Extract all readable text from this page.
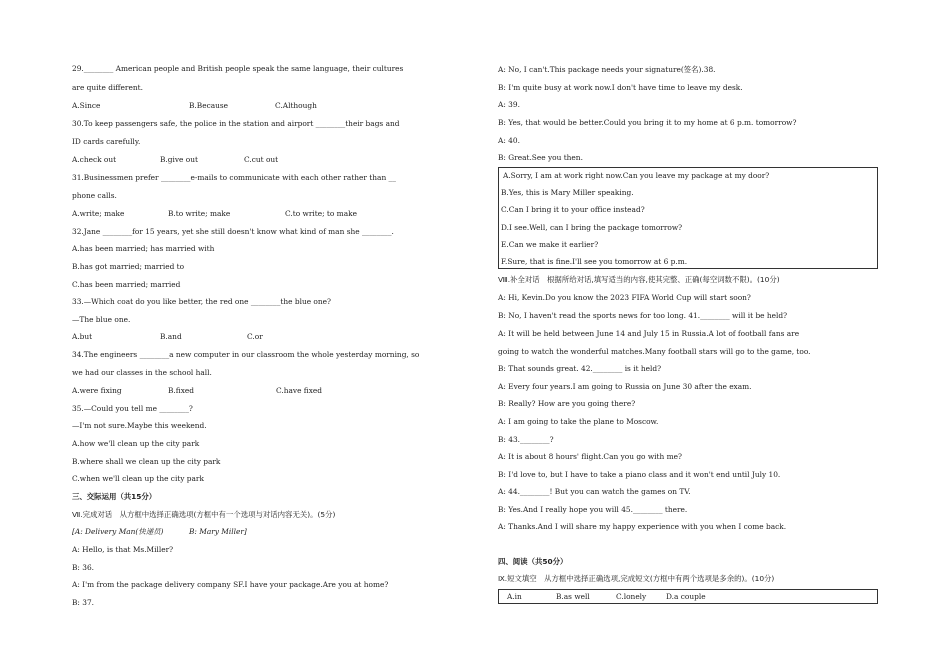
29.________ American people and British people speak the same language, their cultures
are quite different.
A.Since	B.Because	C.Although
30.To keep passengers safe, the police in the station and airport ________their bags and
ID cards carefully.
A.check out	B.give out	C.cut out
31.Businessmen prefer ________e-mails to communicate with each other rather than __
phone calls.
A.write; make	B.to write; make	C.to write; to make
32.Jane ________for 15 years, yet she still doesn't know what kind of man she ________.
A.has been married; has married with
B.has got married; married to
C.has been married; married
33.—Which coat do you like better, the red one ________the blue one?
—The blue one.
A.but	B.and	C.or
34.The engineers ________a new computer in our classroom the whole yesterday morning, so
we had our classes in the school hall.
A.were fixing	B.fixed	C.have fixed
35.—Could you tell me ________?
—I'm not sure.Maybe this weekend.
A.how we'll clean up the city park
B.where shall we clean up the city park
C.when we'll clean up the city park
三、交际运用（共15分）
Ⅶ.完成对话　从方框中选择正确选项(方框中有一个选项与对话内容无关)。(5分)
[A: Delivery Man(快递员)	B: Mary Miller]
A: Hello, is that Ms.Miller?
B: 36.
A: I'm from the package delivery company SF.I have your package.Are you at home?
B: 37.
A: No, I can't.This package needs your signature(签名).38.
B: I'm quite busy at work now.I don't have time to leave my desk.
A: 39.
B: Yes, that would be better.Could you bring it to my home at 6 p.m. tomorrow?
A: 40.
B: Great.See you then.
A.Sorry, I am at work right now.Can you leave my package at my door?
B.Yes, this is Mary Miller speaking.
C.Can I bring it to your office instead?
D.I see.Well, can I bring the package tomorrow?
E.Can we make it earlier?
F.Sure, that is fine.I'll see you tomorrow at 6 p.m.
Ⅷ.补全对话　根据所给对话,填写适当的内容,使其完整、正确(每空词数不限)。(10分)
A: Hi, Kevin.Do you know the 2023 FIFA World Cup will start soon?
B: No, I haven't read the sports news for too long. 41.________ will it be held?
A: It will be held between June 14 and July 15 in Russia.A lot of football fans are
going to watch the wonderful matches.Many football stars will go to the game, too.
B: That sounds great. 42.________ is it held?
A: Every four years.I am going to Russia on June 30 after the exam.
B: Really? How are you going there?
A: I am going to take the plane to Moscow.
B: 43.________?
A: It is about 8 hours' flight.Can you go with me?
B: I'd love to, but I have to take a piano class and it won't end until July 10.
A: 44.________! But you can watch the games on TV.
B: Yes.And I really hope you will 45.________ there.
A: Thanks.And I will share my happy experience with you when I come back.
四、阅读（共50分）
Ⅸ.短文填空　从方框中选择正确选项,完成短文(方框中有两个选项是多余的)。(10分)
A.in	B.as well	C.lonely	D.a couple
